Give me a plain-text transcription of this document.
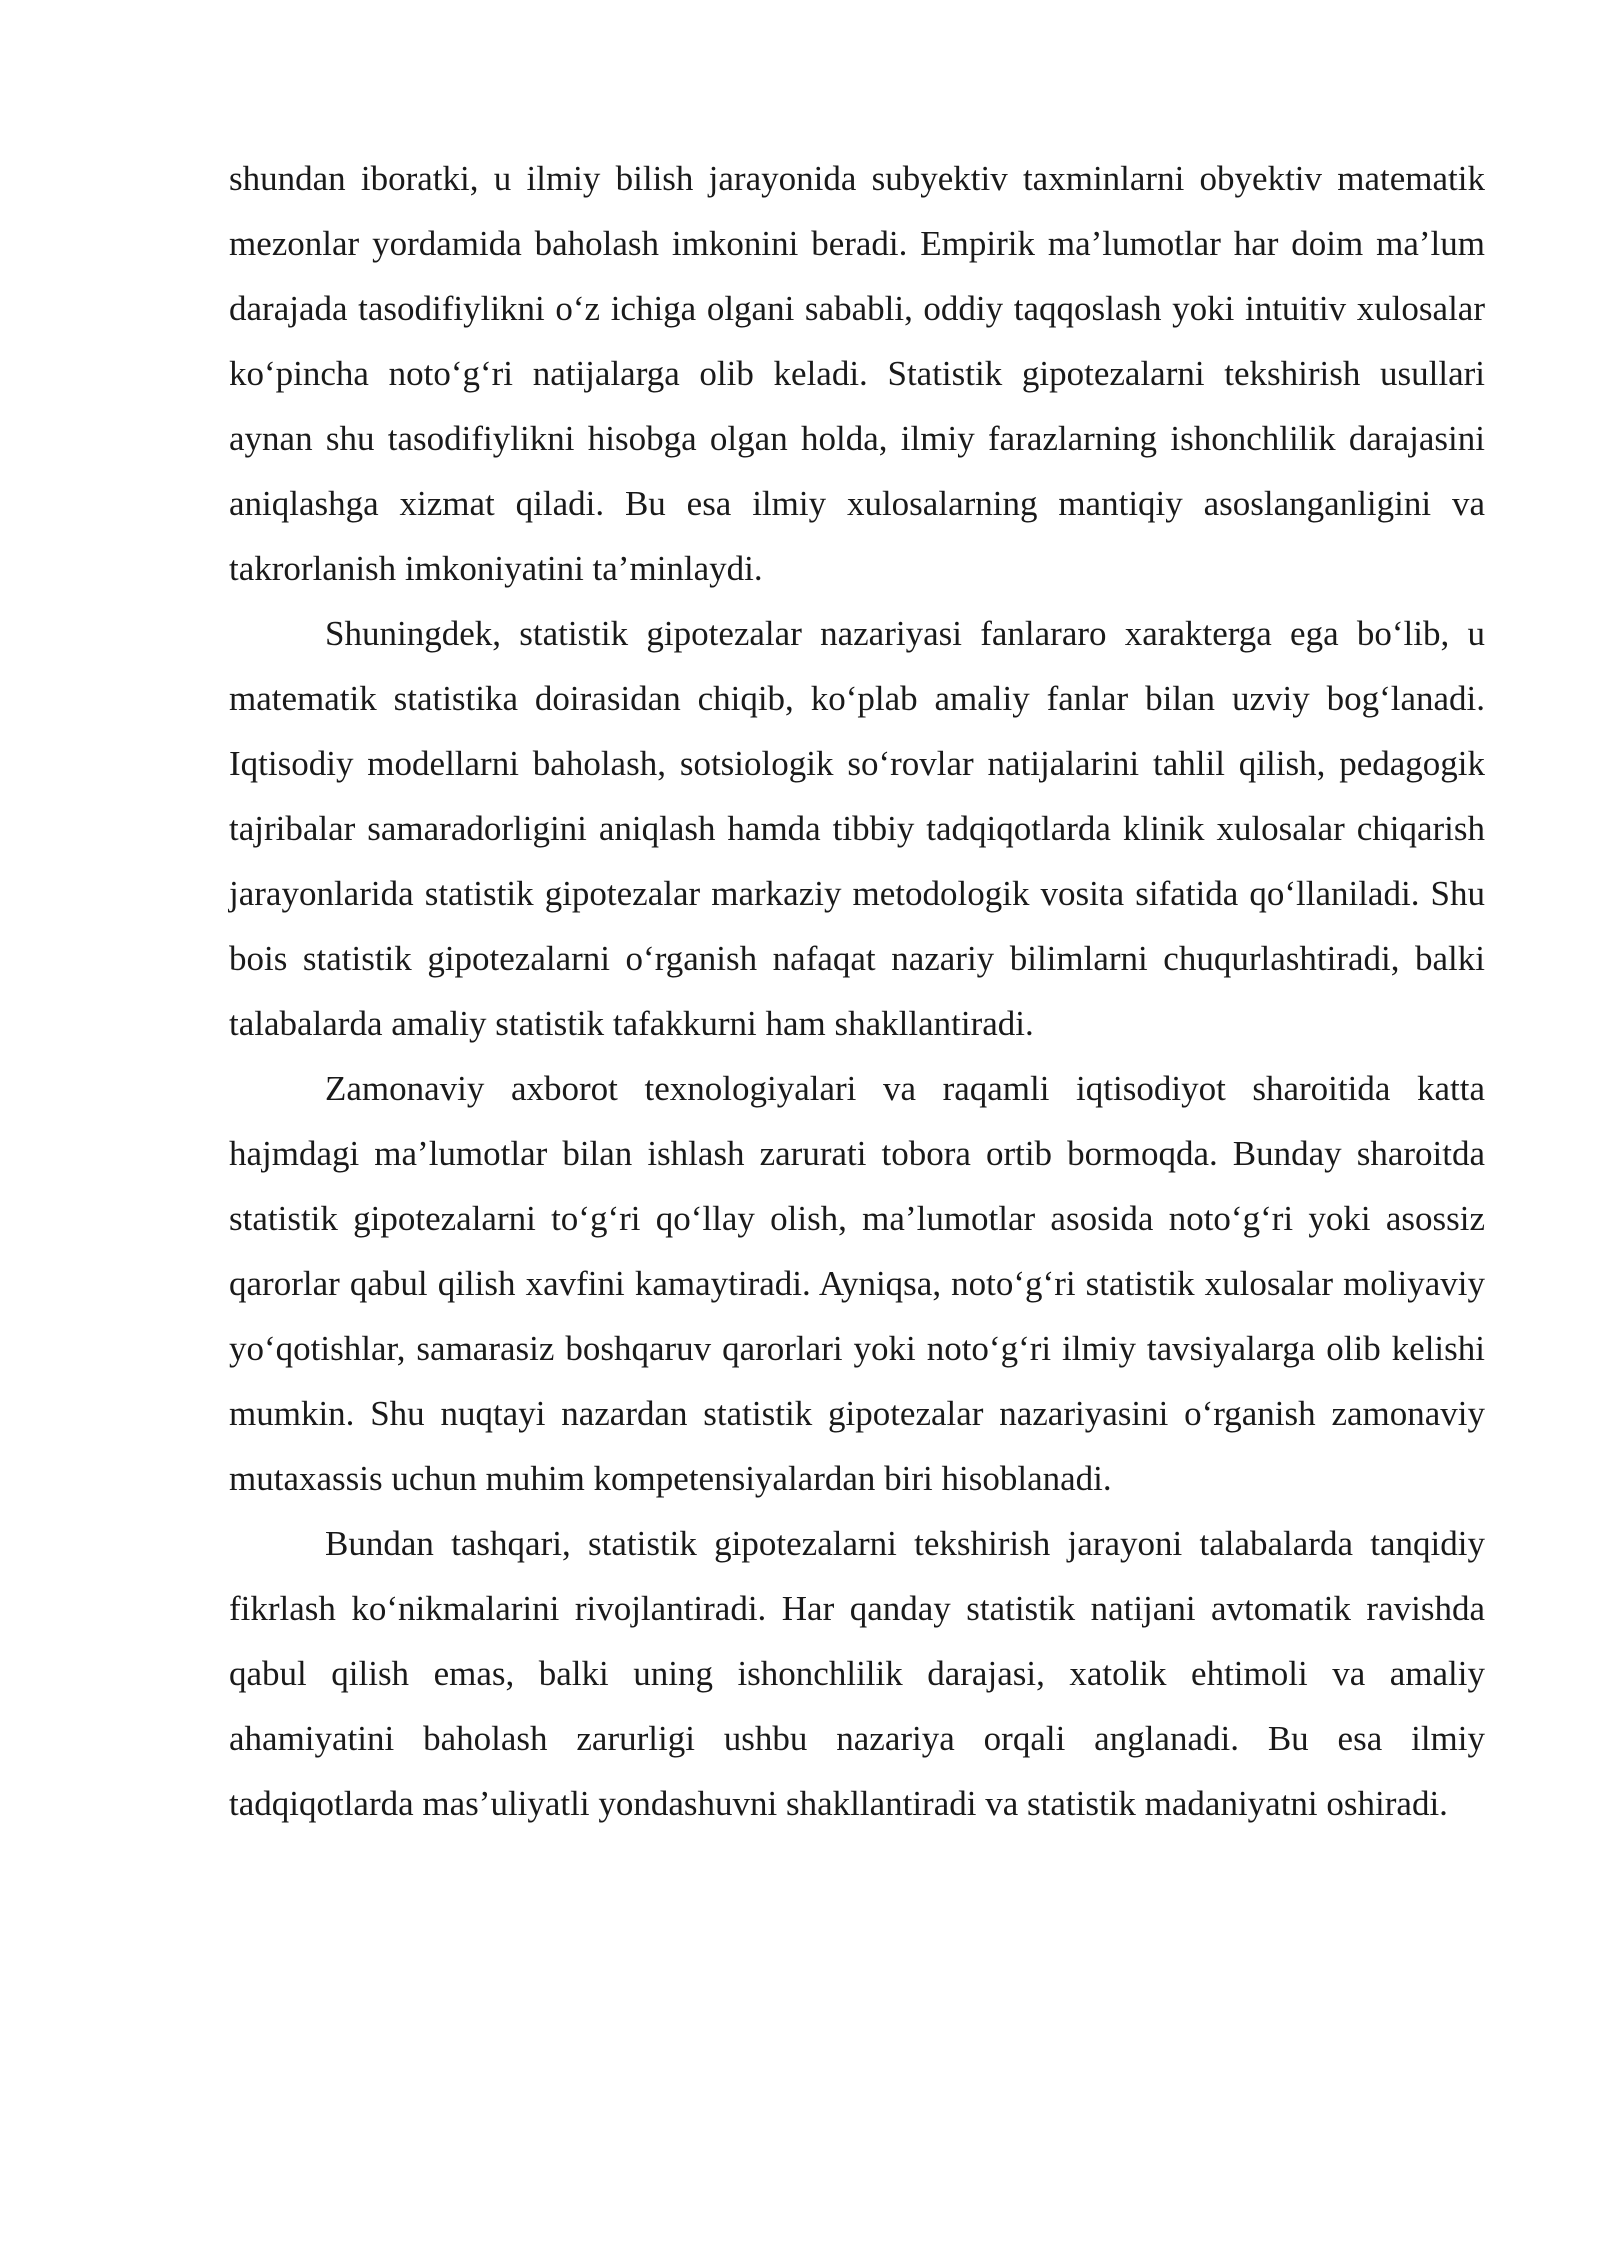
shundan iboratki, u ilmiy bilish jarayonida subyektiv taxminlarni obyektiv matematik mezonlar yordamida baholash imkonini beradi. Empirik ma’lumotlar har doim ma’lum darajada tasodifiylikni o‘z ichiga olgani sababli, oddiy taqqoslash yoki intuitiv xulosalar ko‘pincha noto‘g‘ri natijalarga olib keladi. Statistik gipotezalarni tekshirish usullari aynan shu tasodifiylikni hisobga olgan holda, ilmiy farazlarning ishonchlilik darajasini aniqlashga xizmat qiladi. Bu esa ilmiy xulosalarning mantiqiy asoslanganligini va takrorlanish imkoniyatini ta’minlaydi.

Shuningdek, statistik gipotezalar nazariyasi fanlararo xarakterga ega bo‘lib, u matematik statistika doirasidan chiqib, ko‘plab amaliy fanlar bilan uzviy bog‘lanadi. Iqtisodiy modellarni baholash, sotsiologik so‘rovlar natijalarini tahlil qilish, pedagogik tajribalar samaradorligini aniqlash hamda tibbiy tadqiqotlarda klinik xulosalar chiqarish jarayonlarida statistik gipotezalar markaziy metodologik vosita sifatida qo‘llaniladi. Shu bois statistik gipotezalarni o‘rganish nafaqat nazariy bilimlarni chuqurlashtiradi, balki talabalarda amaliy statistik tafakkurni ham shakllantiradi.

Zamonaviy axborot texnologiyalari va raqamli iqtisodiyot sharoitida katta hajmdagi ma’lumotlar bilan ishlash zarurati tobora ortib bormoqda. Bunday sharoitda statistik gipotezalarni to‘g‘ri qo‘llay olish, ma’lumotlar asosida noto‘g‘ri yoki asossiz qarorlar qabul qilish xavfini kamaytiradi. Ayniqsa, noto‘g‘ri statistik xulosalar moliyaviy yo‘qotishlar, samarasiz boshqaruv qarorlari yoki noto‘g‘ri ilmiy tavsiyalarga olib kelishi mumkin. Shu nuqtayi nazardan statistik gipotezalar nazariyasini o‘rganish zamonaviy mutaxassis uchun muhim kompetensiyalardan biri hisoblanadi.

Bundan tashqari, statistik gipotezalarni tekshirish jarayoni talabalarda tanqidiy fikrlash ko‘nikmalarini rivojlantiradi. Har qanday statistik natijani avtomatik ravishda qabul qilish emas, balki uning ishonchlilik darajasi, xatolik ehtimoli va amaliy ahamiyatini baholash zarurligi ushbu nazariya orqali anglanadi. Bu esa ilmiy tadqiqotlarda mas’uliyatli yondashuvni shakllantiradi va statistik madaniyatni oshiradi.
